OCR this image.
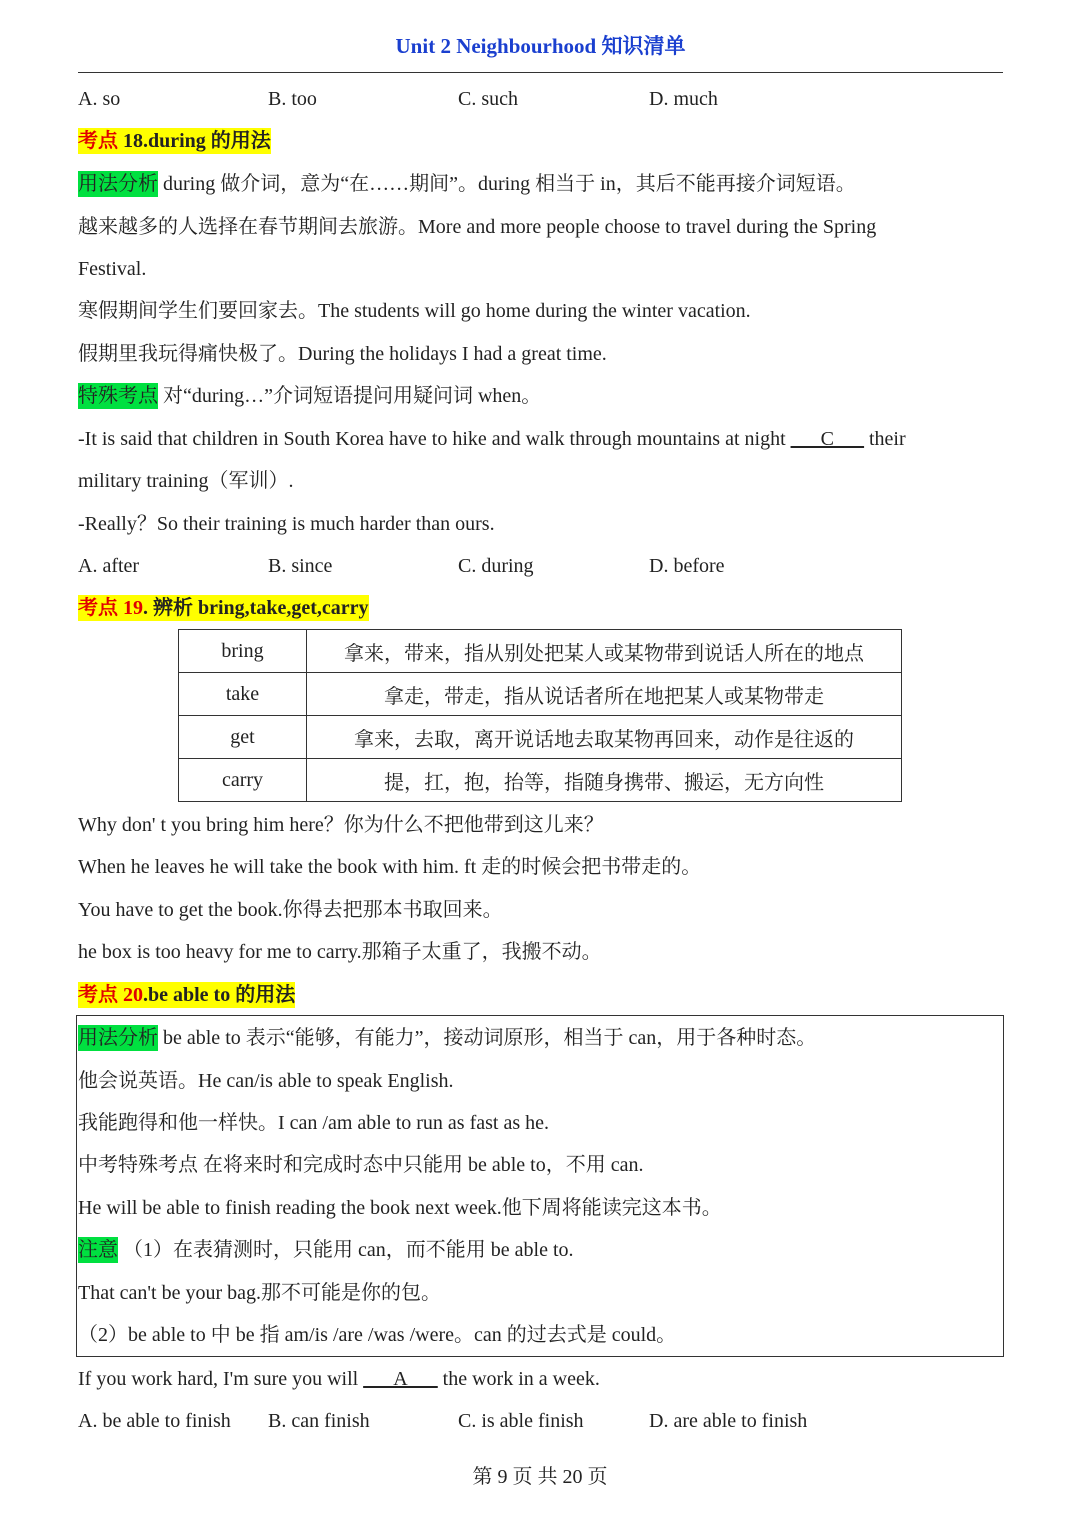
Unit 2 Neighbourhood 知识清单
A. so	B. too	C. such	D. much
考点 18.during 的用法
用法分析 during 做介词，意为“在……期间”。during 相当于 in，其后不能再接介词短语。
越来越多的人选择在春节期间去旅游。More and more people choose to travel during the Spring
Festival.
寒假期间学生们要回家去。The students will go home during the winter vacation.
假期里我玩得痛快极了。During the holidays I had a great time.
特殊考点 对“during…”介词短语提问用疑问词 when。
-It is said that children in South Korea have to hike and walk through mountains at night ___C___ their
military training（军训）.
-Really？So their training is much harder than ours.
A. after	B. since	C. during	D. before
考点 19. 辨析 bring,take,get,carry
bring	拿来，带来，指从别处把某人或某物带到说话人所在的地点
take	拿走，带走，指从说话者所在地把某人或某物带走
get	拿来，去取，离开说话地去取某物再回来，动作是往返的
carry	提，扛，抱，抬等，指随身携带、搬运，无方向性
Why don' t you bring him here？你为什么不把他带到这儿来？
When he leaves he will take the book with him. ft 走的时候会把书带走的。
You have to get the book.你得去把那本书取回来。
he box is too heavy for me to carry.那箱子太重了，我搬不动。
考点 20.be able to 的用法
用法分析 be able to 表示“能够，有能力”，接动词原形，相当于 can，用于各种时态。
他会说英语。He can/is able to speak English.
我能跑得和他一样快。I can /am able to run as fast as he.
中考特殊考点 在将来时和完成时态中只能用 be able to，不用 can.
He will be able to finish reading the book next week.他下周将能读完这本书。
注意 （1）在表猜测时，只能用 can，而不能用 be able to.
That can't be your bag.那不可能是你的包。
（2）be able to 中 be 指 am/is /are /was /were。can 的过去式是 could。
If you work hard, I'm sure you will ___A___ the work in a week.
A. be able to finish B. can finish	C. is able finish	D. are able to finish
第 9 页 共 20 页
